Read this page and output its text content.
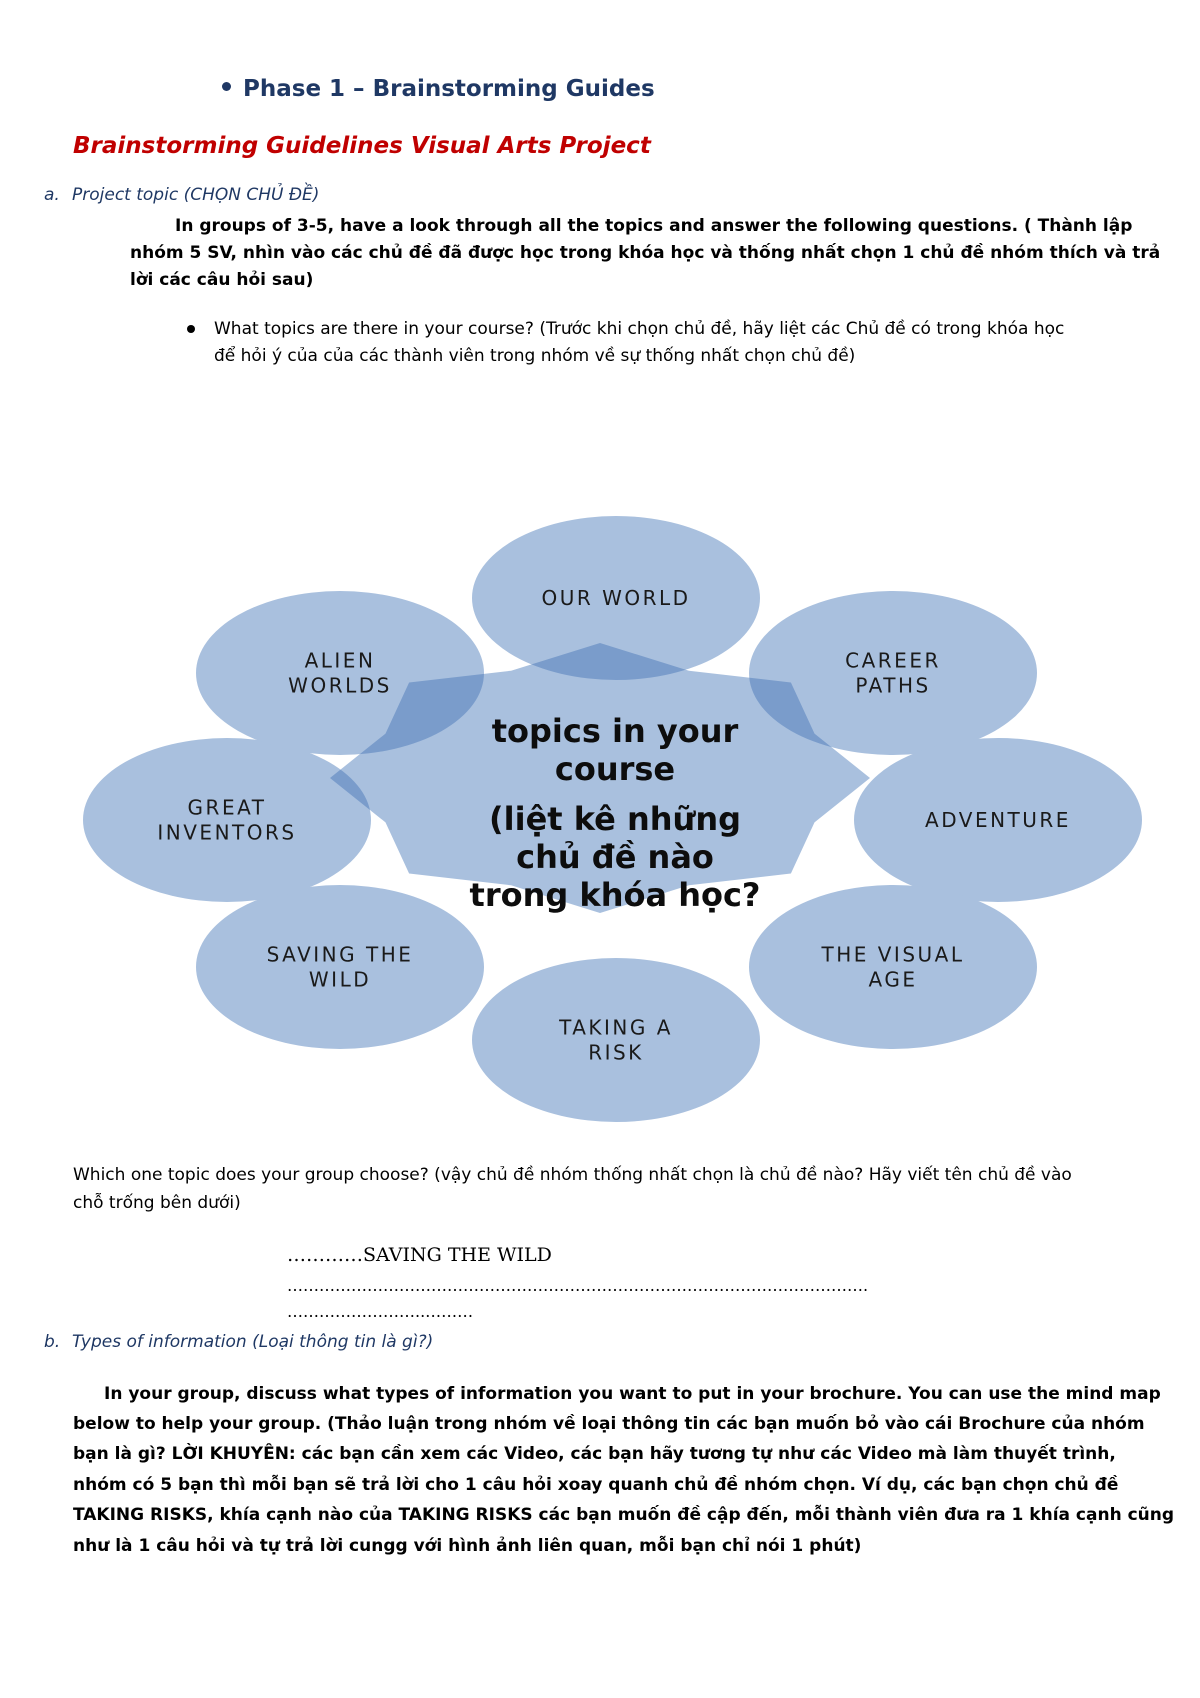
Phase 1 – Brainstorming Guides
Brainstorming Guidelines Visual Arts Project
a. Project topic (CHỌN CHỦ ĐỀ)
In groups of 3-5, have a look through all the topics and answer the following questions. ( Thành lập
nhóm 5 SV, nhìn vào các chủ đề đã được học trong khóa học và thống nhất chọn 1 chủ đề nhóm thích và trả
lời các câu hỏi sau)
What topics are there in your course? (Trước khi chọn chủ đề, hãy liệt các Chủ đề có trong khóa học
để hỏi ý của của các thành viên trong nhóm về sự thống nhất chọn chủ đề)
OUR WORLD
CAREER
PATHS
ADVENTURE
THE VISUAL
AGE
TAKING A
RISK
SAVING THE
WILD
GREAT
INVENTORS
ALIEN
WORLDS
topics in your
course
(liệt kê những
chủ đề nào
trong khóa học?
Which one topic does your group choose? (vậy chủ đề nhóm thống nhất chọn là chủ đề nào? Hãy viết tên chủ đề vào
chỗ trống bên dưới)
…………SAVING THE WILD
……………………………………………………………………………………………….
……………………..………
b. Types of information (Loại thông tin là gì?)
In your group, discuss what types of information you want to put in your brochure. You can use the mind map
below to help your group. (Thảo luận trong nhóm về loại thông tin các bạn muốn bỏ vào cái Brochure của nhóm
bạn là gì? LỜI KHUYÊN: các bạn cần xem các Video, các bạn hãy tương tự như các Video mà làm thuyết trình,
nhóm có 5 bạn thì mỗi bạn sẽ trả lời cho 1 câu hỏi xoay quanh chủ đề nhóm chọn. Ví dụ, các bạn chọn chủ đề
TAKING RISKS, khía cạnh nào của TAKING RISKS các bạn muốn đề cập đến, mỗi thành viên đưa ra 1 khía cạnh cũng
như là 1 câu hỏi và tự trả lời cungg với hình ảnh liên quan, mỗi bạn chỉ nói 1 phút)
